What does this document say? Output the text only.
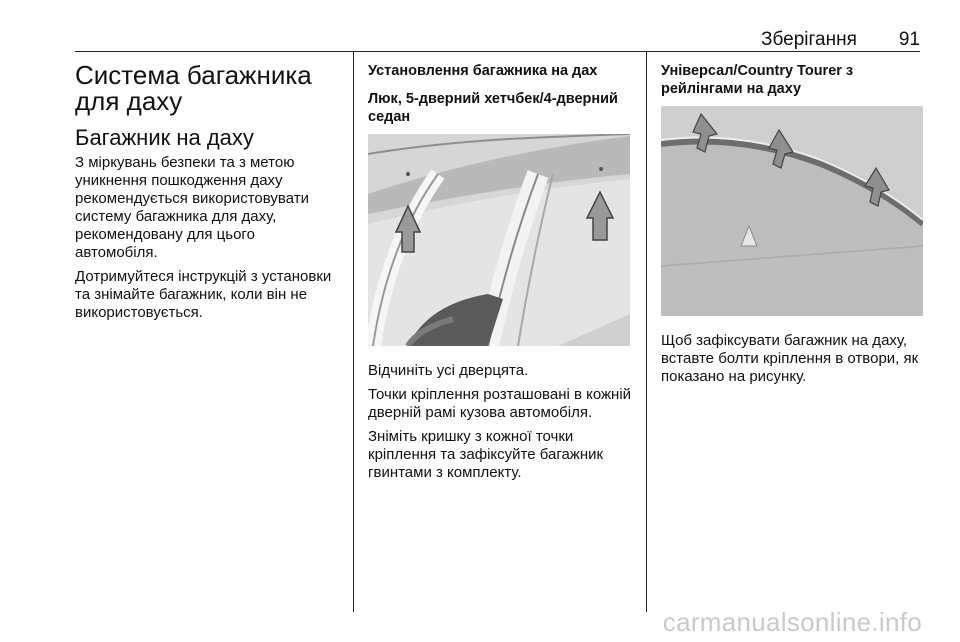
Зберігання 91
Система багажника для даху
Багажник на даху

З міркувань безпеки та з метою уникнення пошкодження даху рекомендується використовувати систему багажника для даху, рекомендовану для цього автомобіля.

Дотримуйтеся інструкцій з установки та знімайте багажник, коли він не використовується.

Установлення багажника на дах
Люк, 5-дверний хетчбек/4-дверний седан

Відчиніть усі дверцята.

Точки кріплення розташовані в кожній дверній рамі кузова автомобіля.

Зніміть кришку з кожної точки кріплення та зафіксуйте багажник гвинтами з комплекту.

Універсал/Country Tourer з рейлінгами на даху

Щоб зафіксувати багажник на даху, вставте болти кріплення в отвори, як показано на рисунку.

carmanualsonline.info
